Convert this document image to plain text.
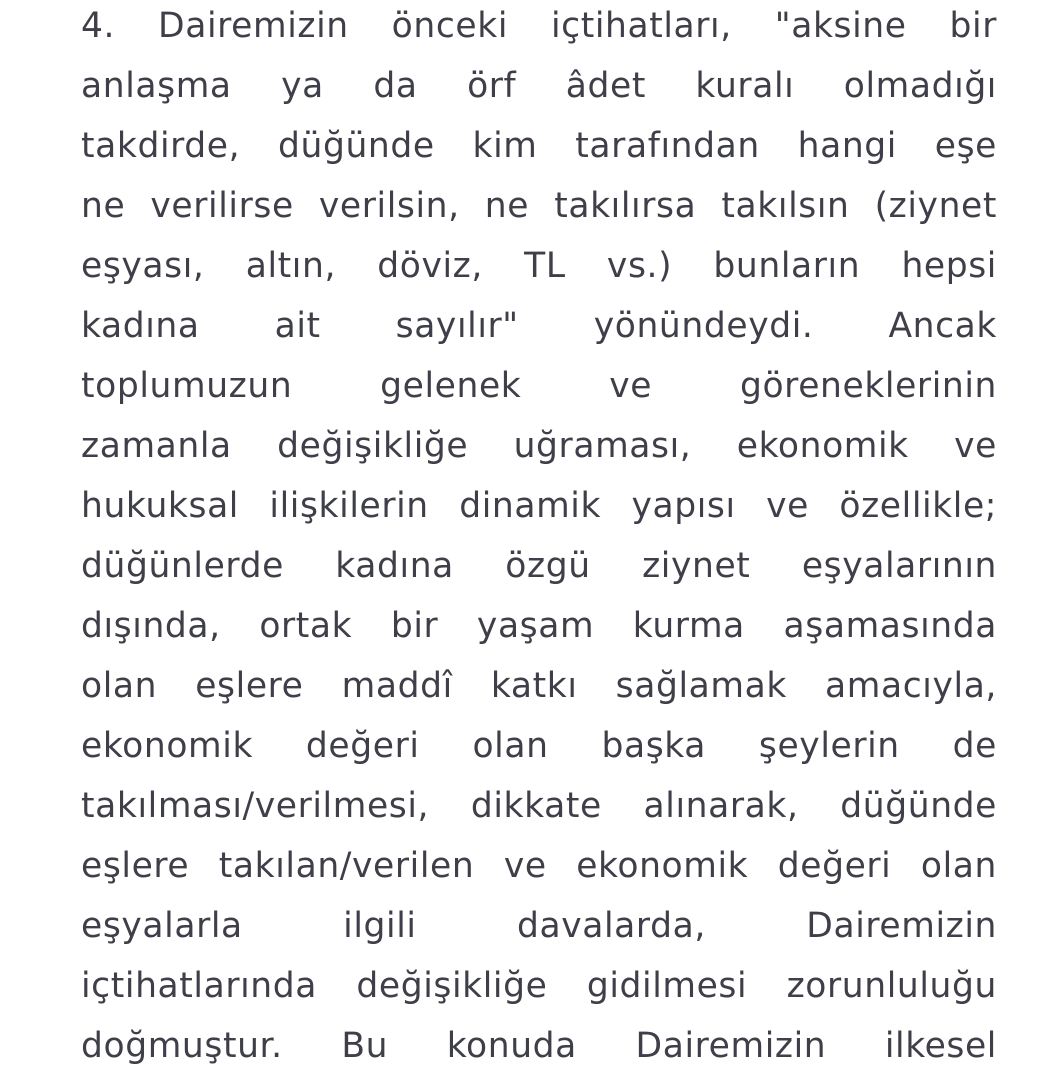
4. Dairemizin önceki içtihatları, "aksine bir
anlaşma ya da örf âdet kuralı olmadığı
takdirde, düğünde kim tarafından hangi eşe
ne verilirse verilsin, ne takılırsa takılsın (ziynet
eşyası, altın, döviz, TL vs.) bunların hepsi
kadına ait sayılır" yönündeydi. Ancak
toplumuzun gelenek ve göreneklerinin
zamanla değişikliğe uğraması, ekonomik ve
hukuksal ilişkilerin dinamik yapısı ve özellikle;
düğünlerde kadına özgü ziynet eşyalarının
dışında, ortak bir yaşam kurma aşamasında
olan eşlere maddî katkı sağlamak amacıyla,
ekonomik değeri olan başka şeylerin de
takılması/verilmesi, dikkate alınarak, düğünde
eşlere takılan/verilen ve ekonomik değeri olan
eşyalarla ilgili davalarda, Dairemizin
içtihatlarında değişikliğe gidilmesi zorunluluğu
doğmuştur. Bu konuda Dairemizin ilkesel
